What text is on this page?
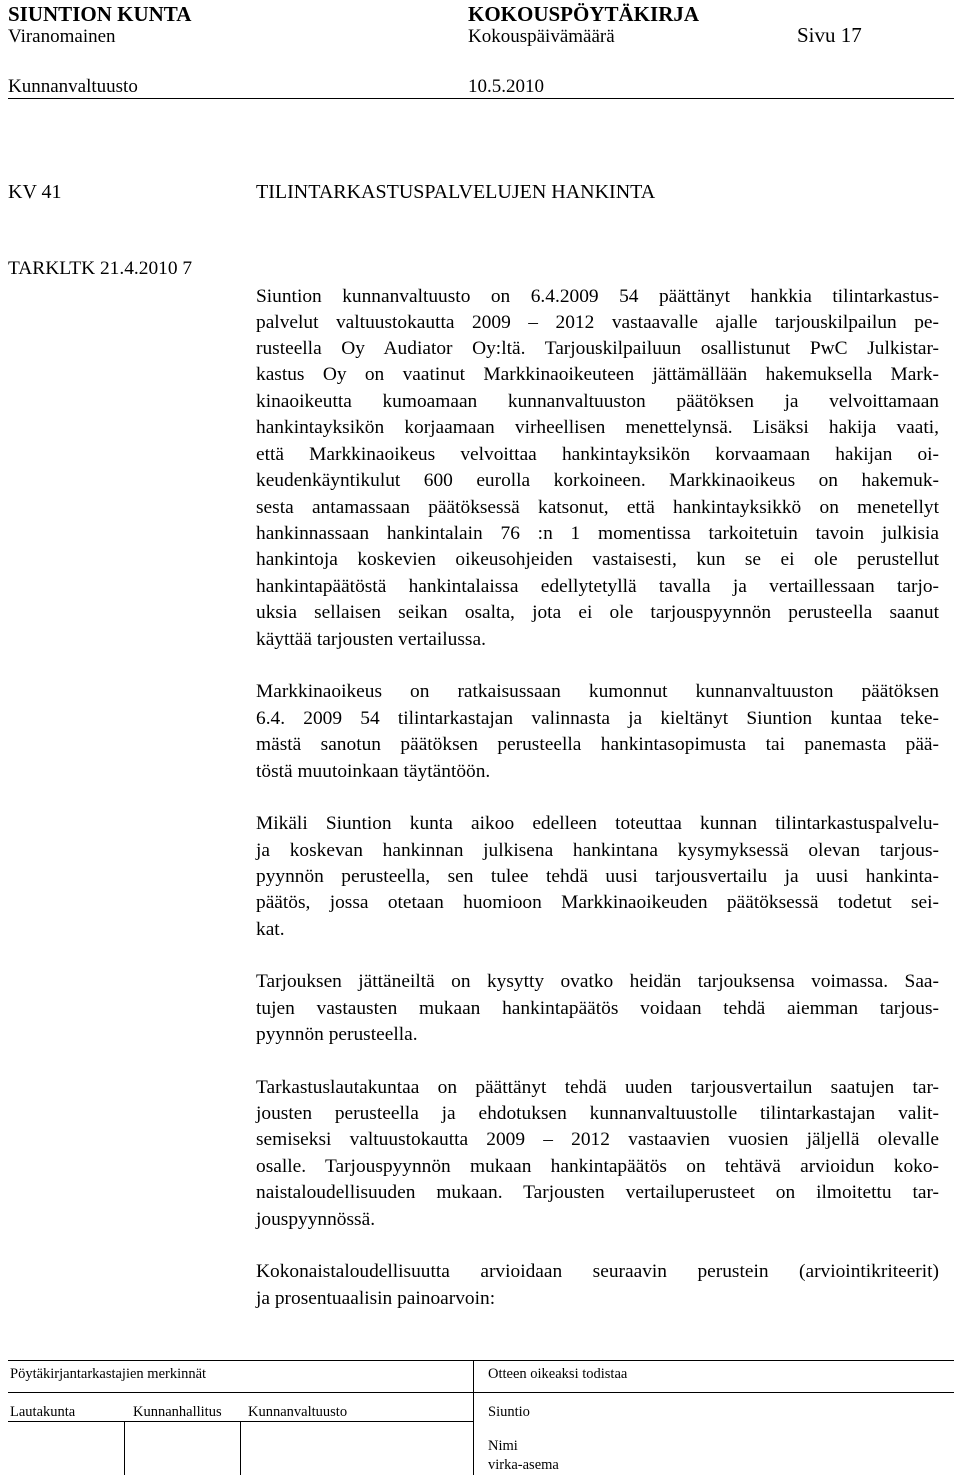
SIUNTION KUNTA	KOKOUSPÖYTÄKIRJA
Viranomainen	Kokouspäivämäärä	Sivu 17
Kunnanvaltuusto	10.5.2010
KV 41	TILINTARKASTUSPALVELUJEN HANKINTA
TARKLTK 21.4.2010 7
Siuntion kunnanvaltuusto on 6.4.2009 54 päättänyt hankkia tilintarkastus-
palvelut valtuustokautta 2009 – 2012 vastaavalle ajalle tarjouskilpailun pe-
rusteella Oy Audiator Oy:ltä. Tarjouskilpailuun osallistunut PwC Julkistar-
kastus Oy on vaatinut Markkinaoikeuteen jättämällään hakemuksella Mark-
kinaoikeutta kumoamaan kunnanvaltuuston päätöksen ja velvoittamaan
hankintayksikön korjaamaan virheellisen menettelynsä. Lisäksi hakija vaati,
että Markkinaoikeus velvoittaa hankintayksikön korvaamaan hakijan oi-
keudenkäyntikulut 600 eurolla korkoineen. Markkinaoikeus on hakemuk-
sesta antamassaan päätöksessä katsonut, että hankintayksikkö on menetellyt
hankinnassaan hankintalain 76 :n 1 momentissa tarkoitetuin tavoin julkisia
hankintoja koskevien oikeusohjeiden vastaisesti, kun se ei ole perustellut
hankintapäätöstä hankintalaissa edellytetyllä tavalla ja vertaillessaan tarjo-
uksia sellaisen seikan osalta, jota ei ole tarjouspyynnön perusteella saanut
käyttää tarjousten vertailussa.
Markkinaoikeus on ratkaisussaan kumonnut kunnanvaltuuston päätöksen
6.4. 2009 54 tilintarkastajan valinnasta ja kieltänyt Siuntion kuntaa teke-
mästä sanotun päätöksen perusteella hankintasopimusta tai panemasta pää-
töstä muutoinkaan täytäntöön.
Mikäli Siuntion kunta aikoo edelleen toteuttaa kunnan tilintarkastuspalvelu-
ja koskevan hankinnan julkisena hankintana kysymyksessä olevan tarjous-
pyynnön perusteella, sen tulee tehdä uusi tarjousvertailu ja uusi hankinta-
päätös, jossa otetaan huomioon Markkinaoikeuden päätöksessä todetut sei-
kat.
Tarjouksen jättäneiltä on kysytty ovatko heidän tarjouksensa voimassa. Saa-
tujen vastausten mukaan hankintapäätös voidaan tehdä aiemman tarjous-
pyynnön perusteella.
Tarkastuslautakuntaa on päättänyt tehdä uuden tarjousvertailun saatujen tar-
jousten perusteella ja ehdotuksen kunnanvaltuustolle tilintarkastajan valit-
semiseksi valtuustokautta 2009 – 2012 vastaavien vuosien jäljellä olevalle
osalle. Tarjouspyynnön mukaan hankintapäätös on tehtävä arvioidun koko-
naistaloudellisuuden mukaan. Tarjousten vertailuperusteet on ilmoitettu tar-
jouspyynnössä.
Kokonaistaloudellisuutta arvioidaan seuraavin perustein (arviointikriteerit)
ja prosentuaalisin painoarvoin:
Pöytäkirjantarkastajien merkinnät	Otteen oikeaksi todistaa
Lautakunta	Kunnanhallitus Kunnanvaltuusto	Siuntio
Nimi
virka-asema
